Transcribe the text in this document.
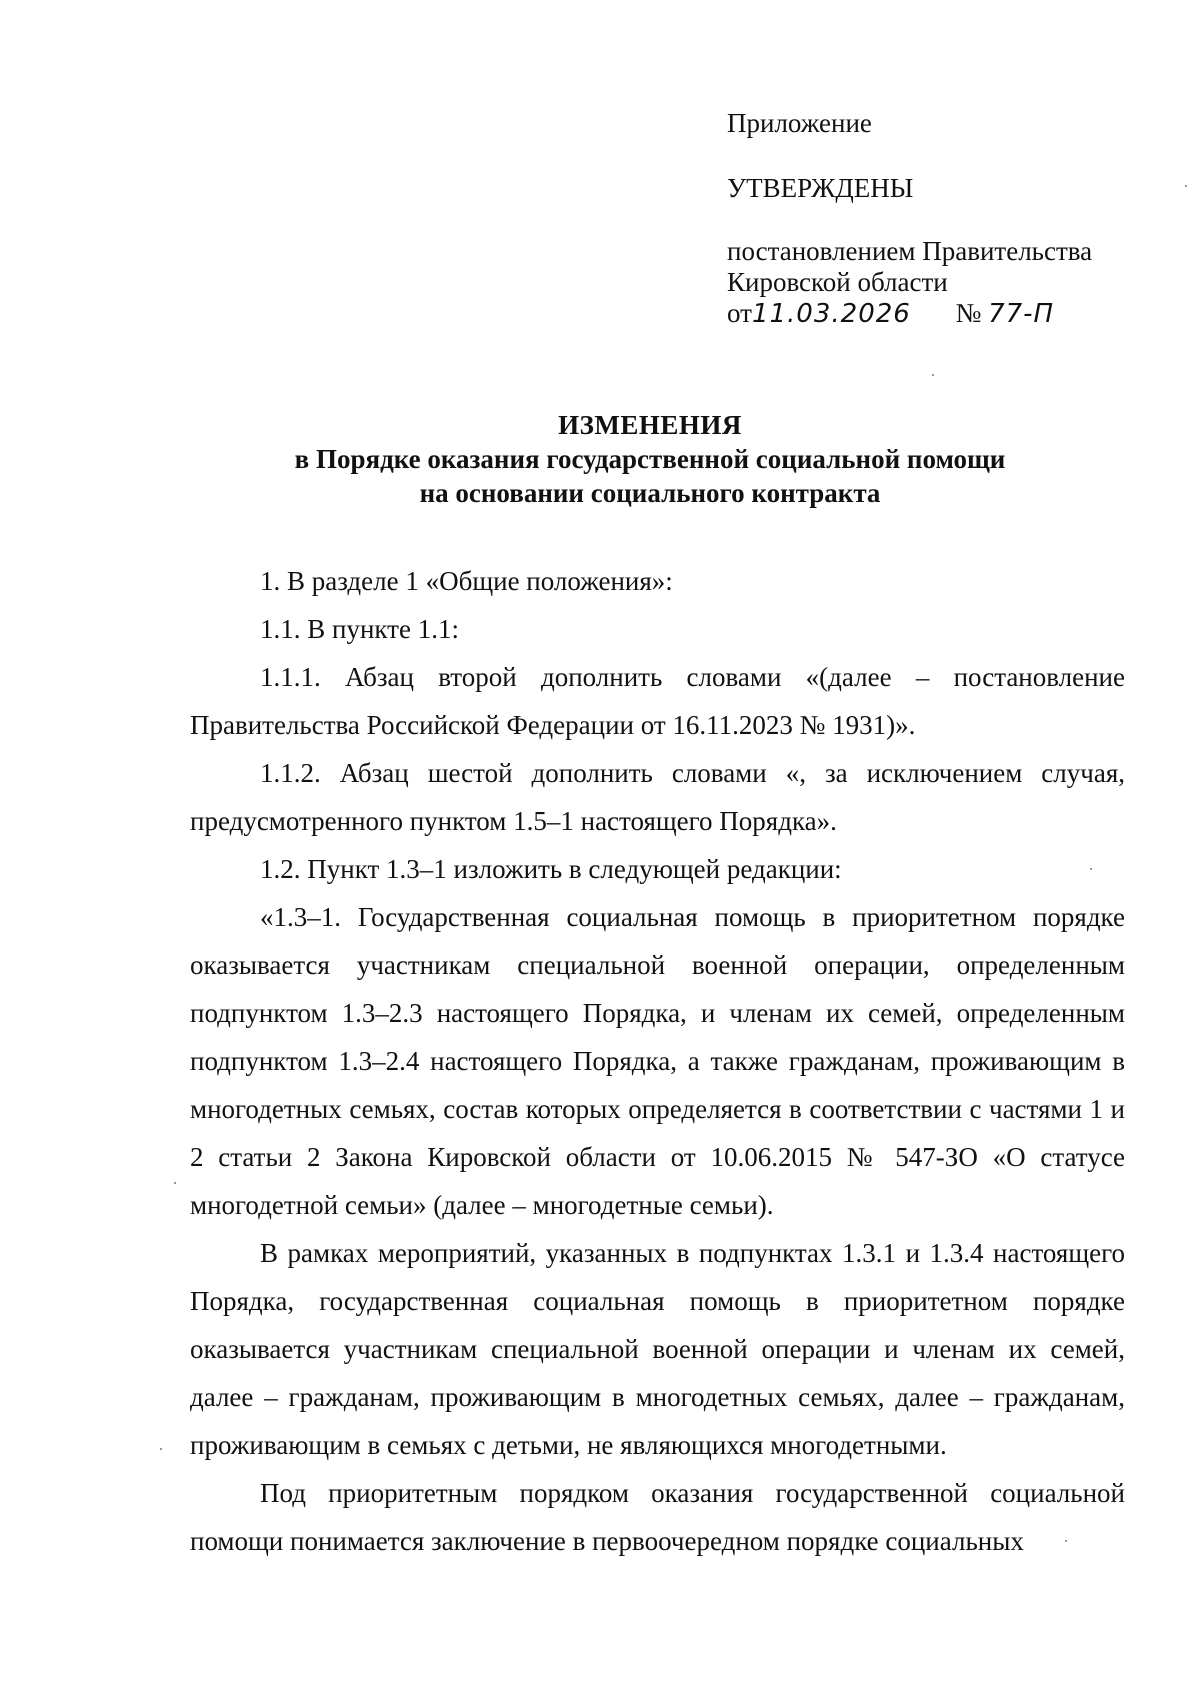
Приложение
УТВЕРЖДЕНЫ
постановлением Правительства
Кировской области
от11.03.2026 № 77-П
ИЗМЕНЕНИЯ
в Порядке оказания государственной социальной помощи
на основании социального контракта

1. В разделе 1 «Общие положения»:

1.1. В пункте 1.1:

1.1.1. Абзац второй дополнить словами «(далее – постановление Правительства Российской Федерации от 16.11.2023 № 1931)».

1.1.2. Абзац шестой дополнить словами «, за исключением случая, предусмотренного пунктом 1.5–1 настоящего Порядка».

1.2. Пункт 1.3–1 изложить в следующей редакции:

«1.3–1. Государственная социальная помощь в приоритетном порядке оказывается участникам специальной военной операции, определенным подпунктом 1.3–2.3 настоящего Порядка, и членам их семей, определенным подпунктом 1.3–2.4 настоящего Порядка, а также гражданам, проживающим в многодетных семьях, состав которых определяется в соответствии с частями 1 и 2 статьи 2 Закона Кировской области от 10.06.2015 № 547-ЗО «О статусе многодетной семьи» (далее – многодетные семьи).

В рамках мероприятий, указанных в подпунктах 1.3.1 и 1.3.4 настоящего Порядка, государственная социальная помощь в приоритетном порядке оказывается участникам специальной военной операции и членам их семей, далее – гражданам, проживающим в многодетных семьях, далее – гражданам, проживающим в семьях с детьми, не являющихся многодетными.

Под приоритетным порядком оказания государственной социальной помощи понимается заключение в первоочередном порядке социальных
